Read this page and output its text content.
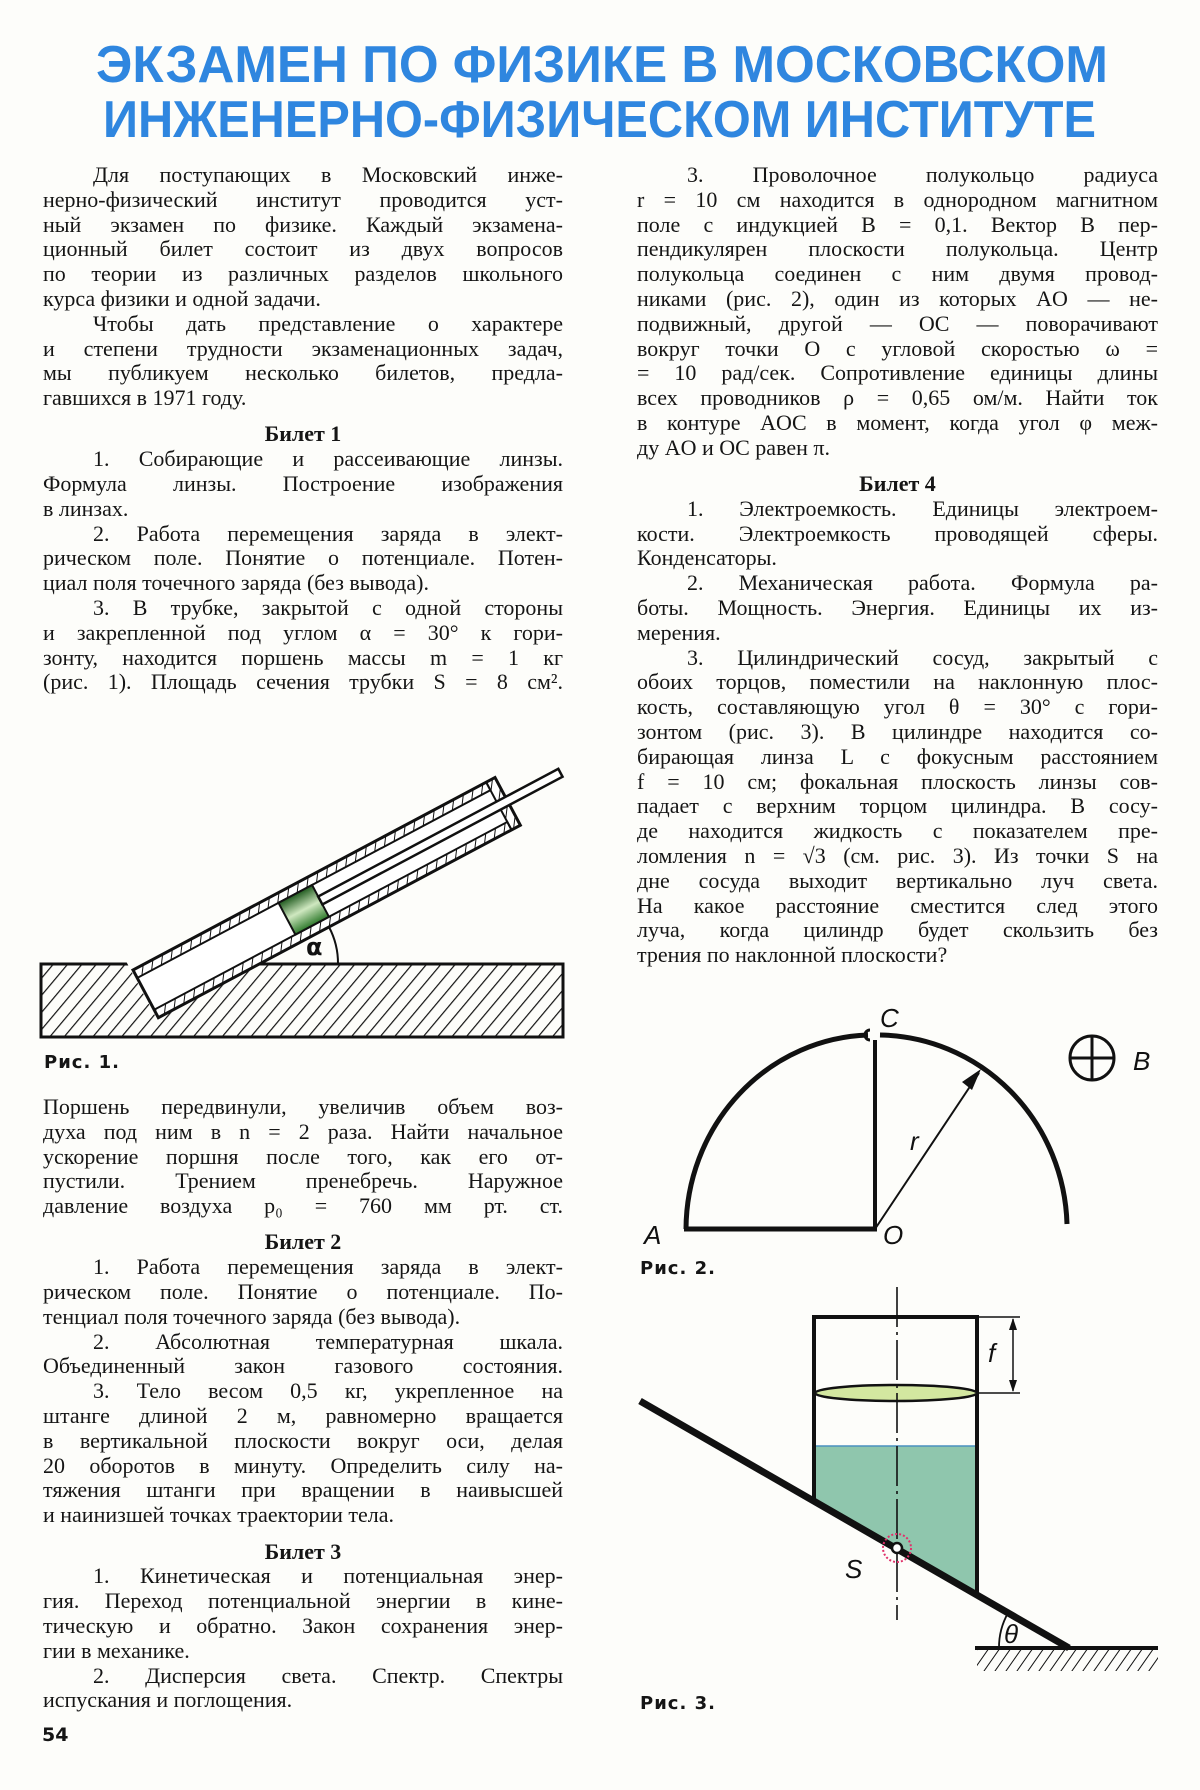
ЭКЗАМЕН ПО ФИЗИКЕ В МОСКОВСКОМ
ИНЖЕНЕРНО-ФИЗИЧЕСКОМ ИНСТИТУТЕ
Для поступающих в Московский инже-
нерно-физический институт проводится уст-
ный экзамен по физике. Каждый экзамена-
ционный билет состоит из двух вопросов
по теории из различных разделов школьного
курса физики и одной задачи.
Чтобы дать представление о характере
и степени трудности экзаменационных задач,
мы публикуем несколько билетов, предла-
гавшихся в 1971 году.
Билет 1
1. Собирающие и рассеивающие линзы.
Формула линзы. Построение изображения
в линзах.
2. Работа перемещения заряда в элект-
рическом поле. Понятие о потенциале. Потен-
циал поля точечного заряда (без вывода).
3. В трубке, закрытой с одной стороны
и закрепленной под углом α = 30° к гори-
зонту, находится поршень массы m = 1 кг
(рис. 1). Площадь сечения трубки S = 8 см².
Поршень передвинули, увеличив объем воз-
духа под ним в n = 2 раза. Найти начальное
ускорение поршня после того, как его от-
пустили. Трением пренебречь. Наружное
давление воздуха p₀ = 760 мм рт. ст.
Билет 2
1. Работа перемещения заряда в элект-
рическом поле. Понятие о потенциале. По-
тенциал поля точечного заряда (без вывода).
2. Абсолютная температурная шкала.
Объединенный закон газового состояния.
3. Тело весом 0,5 кг, укрепленное на
штанге длиной 2 м, равномерно вращается
в вертикальной плоскости вокруг оси, делая
20 оборотов в минуту. Определить силу на-
тяжения штанги при вращении в наивысшей
и наинизшей точках траектории тела.
Билет 3
1. Кинетическая и потенциальная энер-
гия. Переход потенциальной энергии в кине-
тическую и обратно. Закон сохранения энер-
гии в механике.
2. Дисперсия света. Спектр. Спектры
испускания и поглощения.
3. Проволочное полукольцо радиуса
r = 10 см находится в однородном магнитном
поле с индукцией B = 0,1. Вектор B пер-
пендикулярен плоскости полукольца. Центр
полукольца соединен с ним двумя провод-
никами (рис. 2), один из которых AO — не-
подвижный, другой — OC — поворачивают
вокруг точки O с угловой скоростью ω =
= 10 рад/сек. Сопротивление единицы длины
всех проводников ρ = 0,65 ом/м. Найти ток
в контуре AOC в момент, когда угол φ меж-
ду AO и OC равен π.
Билет 4
1. Электроемкость. Единицы электроем-
кости. Электроемкость проводящей сферы.
Конденсаторы.
2. Механическая работа. Формула ра-
боты. Мощность. Энергия. Единицы их из-
мерения.
3. Цилиндрический сосуд, закрытый с
обоих торцов, поместили на наклонную плос-
кость, составляющую угол θ = 30° с гори-
зонтом (рис. 3). В цилиндре находится со-
бирающая линза L с фокусным расстоянием
f = 10 см; фокальная плоскость линзы сов-
падает с верхним торцом цилиндра. В сосу-
де находится жидкость с показателем пре-
ломления n = √3 (см. рис. 3). Из точки S на
дне сосуда выходит вертикально луч света.
На какое расстояние сместится след этого
луча, когда цилиндр будет скользить без
трения по наклонной плоскости?
α
A	O
C
r
B
θ
S
f
Рис. 1.
Рис. 2.
Рис. 3.
54
